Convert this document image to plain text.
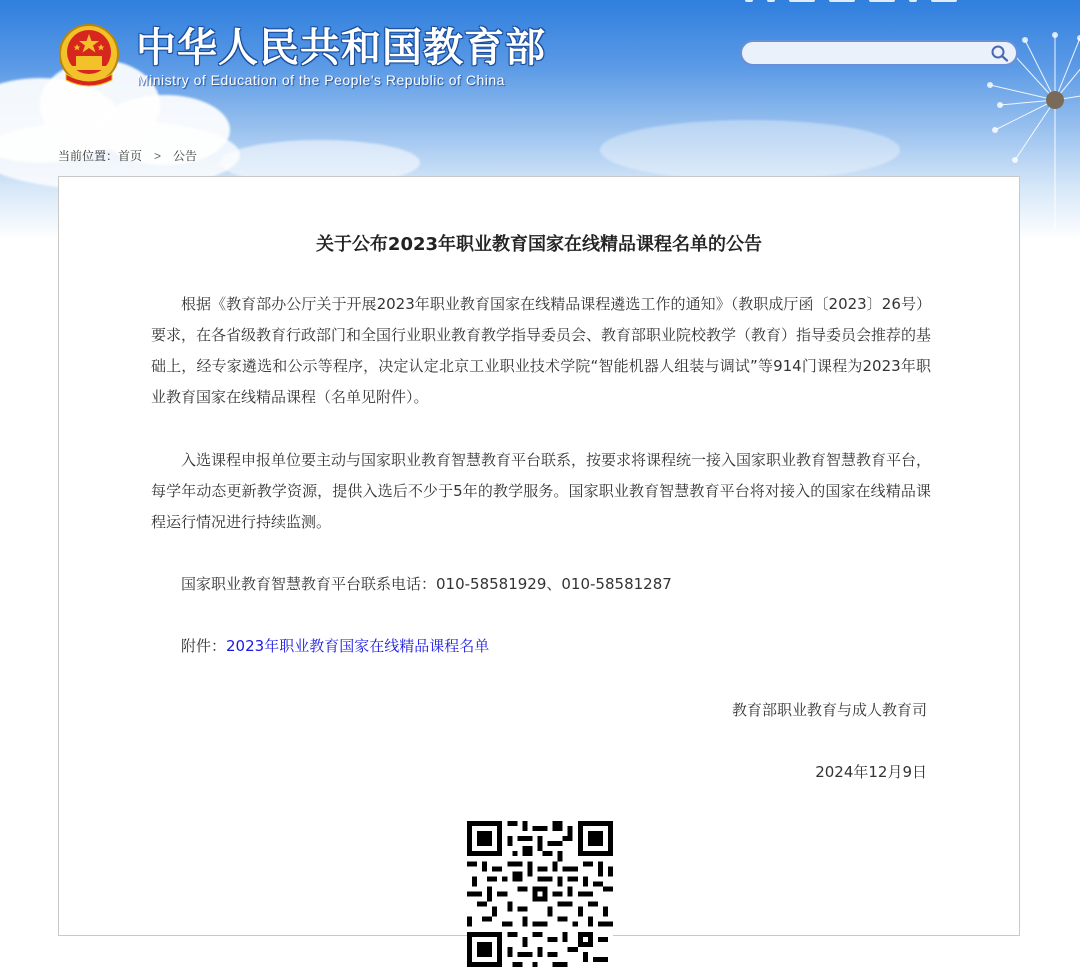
中华人民共和国教育部
Ministry of Education of the People's Republic of China
当前位置： 首页 > 公告
关于公布2023年职业教育国家在线精品课程名单的公告

根据《教育部办公厅关于开展2023年职业教育国家在线精品课程遴选工作的通知》（教职成厅函〔2023〕26号）要求，在各省级教育行政部门和全国行业职业教育教学指导委员会、教育部职业院校教学（教育）指导委员会推荐的基础上，经专家遴选和公示等程序，决定认定北京工业职业技术学院“智能机器人组装与调试”等914门课程为2023年职业教育国家在线精品课程（名单见附件）。

入选课程申报单位要主动与国家职业教育智慧教育平台联系，按要求将课程统一接入国家职业教育智慧教育平台，每学年动态更新教学资源，提供入选后不少于5年的教学服务。国家职业教育智慧教育平台将对接入的国家在线精品课程运行情况进行持续监测。

国家职业教育智慧教育平台联系电话：010-58581929、010-58581287

附件：2023年职业教育国家在线精品课程名单

教育部职业教育与成人教育司
2024年12月9日
